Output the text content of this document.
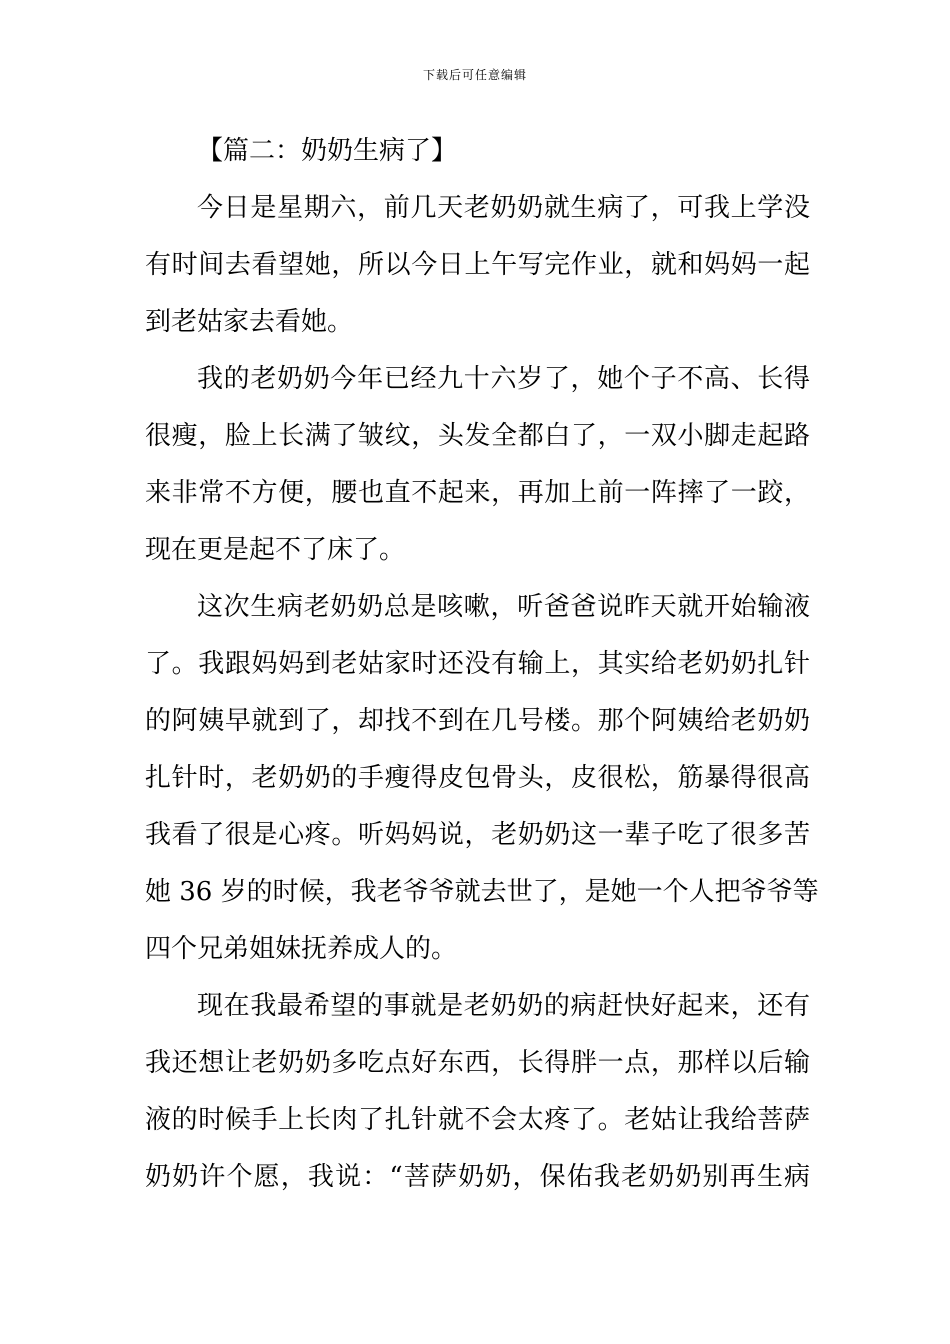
下载后可任意编辑
【篇二：奶奶生病了】
今日是星期六，前几天老奶奶就生病了，可我上学没
有时间去看望她，所以今日上午写完作业，就和妈妈一起
到老姑家去看她。
我的老奶奶今年已经九十六岁了，她个子不高、长得
很瘦，脸上长满了皱纹，头发全都白了，一双小脚走起路
来非常不方便，腰也直不起来，再加上前一阵摔了一跤，
现在更是起不了床了。
这次生病老奶奶总是咳嗽，听爸爸说昨天就开始输液
了。我跟妈妈到老姑家时还没有输上，其实给老奶奶扎针
的阿姨早就到了，却找不到在几号楼。那个阿姨给老奶奶
扎针时，老奶奶的手瘦得皮包骨头，皮很松，筋暴得很高
我看了很是心疼。听妈妈说，老奶奶这一辈子吃了很多苦
她 36 岁的时候，我老爷爷就去世了，是她一个人把爷爷等
四个兄弟姐妹抚养成人的。
现在我最希望的事就是老奶奶的病赶快好起来，还有
我还想让老奶奶多吃点好东西，长得胖一点，那样以后输
液的时候手上长肉了扎针就不会太疼了。老姑让我给菩萨
奶奶许个愿，我说：“菩萨奶奶，保佑我老奶奶别再生病
